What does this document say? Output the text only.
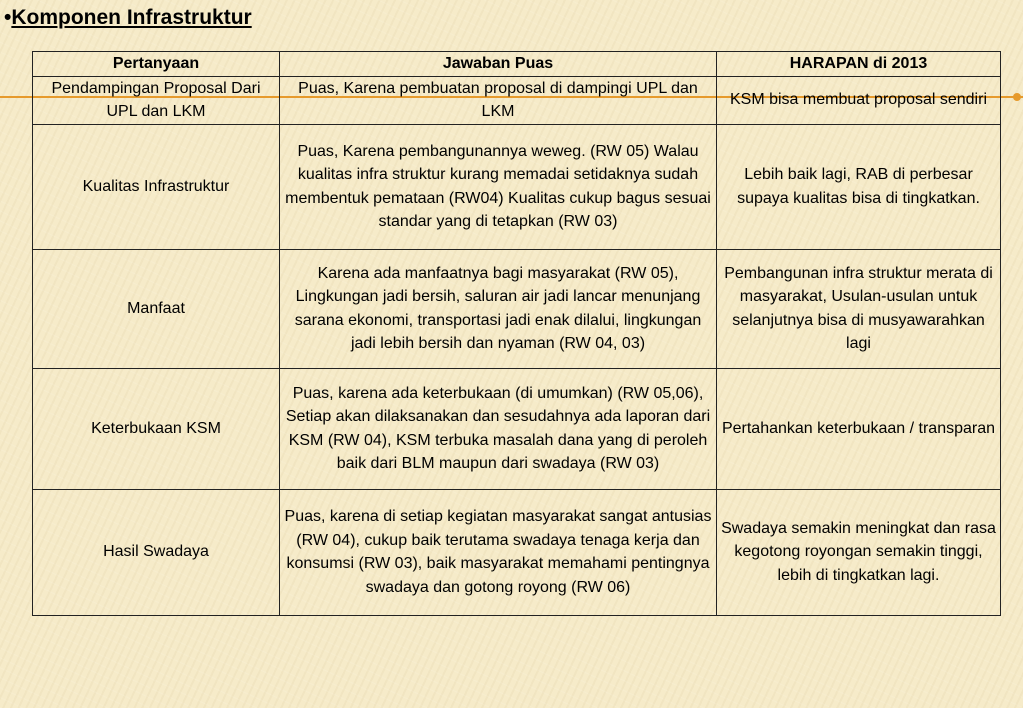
•Komponen Infrastruktur
Pertanyaan	Jawaban Puas	HARAPAN di 2013
Pendampingan Proposal Dari UPL dan LKM	Puas, Karena pembuatan proposal di dampingi UPL dan LKM	KSM bisa membuat proposal sendiri
Kualitas Infrastruktur	Puas, Karena pembangunannya weweg. (RW 05) Walau kualitas infra struktur kurang memadai setidaknya sudah membentuk pemataan (RW04) Kualitas cukup bagus sesuai standar yang di tetapkan (RW 03)	Lebih baik lagi, RAB di perbesar supaya kualitas bisa di tingkatkan.
Manfaat	Karena ada manfaatnya bagi masyarakat (RW 05), Lingkungan jadi bersih, saluran air jadi lancar menunjang sarana ekonomi, transportasi jadi enak dilalui, lingkungan jadi lebih bersih dan nyaman (RW 04, 03)	Pembangunan infra struktur merata di masyarakat, Usulan-usulan untuk selanjutnya bisa di musyawarahkan lagi
Keterbukaan KSM	Puas, karena ada keterbukaan (di umumkan) (RW 05,06), Setiap akan dilaksanakan dan sesudahnya ada laporan dari KSM (RW 04), KSM terbuka masalah dana yang di peroleh baik dari BLM maupun dari swadaya (RW 03)	Pertahankan keterbukaan / transparan
Hasil Swadaya	Puas, karena di setiap kegiatan masyarakat sangat antusias (RW 04), cukup baik terutama swadaya tenaga kerja dan konsumsi (RW 03), baik masyarakat memahami pentingnya swadaya dan gotong royong (RW 06)	Swadaya semakin meningkat dan rasa kegotong royongan semakin tinggi, lebih di tingkatkan lagi.
